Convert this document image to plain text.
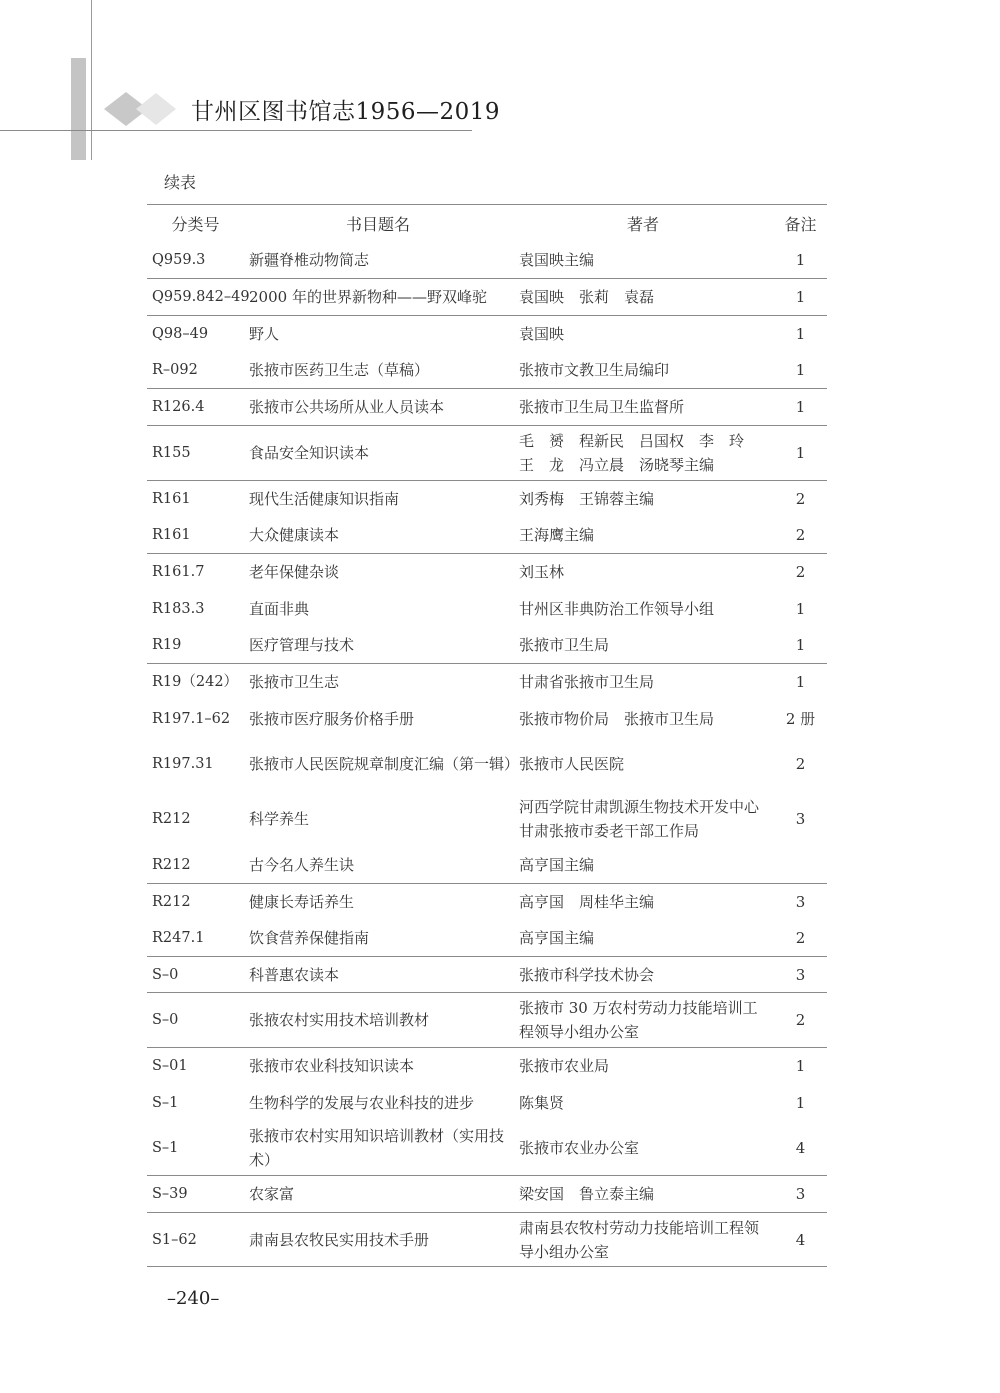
甘州区图书馆志1956—2019
续表
分类号	书目题名	著者	备注
Q959.3	新疆脊椎动物简志	袁国映主编	1
Q959.842–49	2000 年的世界新物种——野双峰驼	袁国映　张莉　袁磊	1
Q98–49	野人	袁国映	1
R–092	张掖市医药卫生志（草稿）	张掖市文教卫生局编印	1
R126.4	张掖市公共场所从业人员读本	张掖市卫生局卫生监督所	1
R155	食品安全知识读本	毛　赟　程新民　吕国权　李　玲　王　龙　冯立晨　汤晓琴主编	1
R161	现代生活健康知识指南	刘秀梅　王锦蓉主编	2
R161	大众健康读本	王海鹰主编	2
R161.7	老年保健杂谈	刘玉林	2
R183.3	直面非典	甘州区非典防治工作领导小组	1
R19	医疗管理与技术	张掖市卫生局	1
R19（242）	张掖市卫生志	甘肃省张掖市卫生局	1
R197.1–62	张掖市医疗服务价格手册	张掖市物价局　张掖市卫生局	2 册
R197.31	张掖市人民医院规章制度汇编（第一辑）	张掖市人民医院	2
R212	科学养生	河西学院甘肃凯源生物技术开发中心　甘肃张掖市委老干部工作局	3
R212	古今名人养生诀	高亨国主编	
R212	健康长寿话养生	高亨国　周桂华主编	3
R247.1	饮食营养保健指南	高亨国主编	2
S–0	科普惠农读本	张掖市科学技术协会	3
S–0	张掖农村实用技术培训教材	张掖市 30 万农村劳动力技能培训工程领导小组办公室	2
S–01	张掖市农业科技知识读本	张掖市农业局	1
S–1	生物科学的发展与农业科技的进步	陈集贤	1
S–1	张掖市农村实用知识培训教材（实用技术）	张掖市农业办公室	4
S–39	农家富	梁安国　鲁立泰主编	3
S1–62	肃南县农牧民实用技术手册	肃南县农牧村劳动力技能培训工程领导小组办公室	4
–240–
